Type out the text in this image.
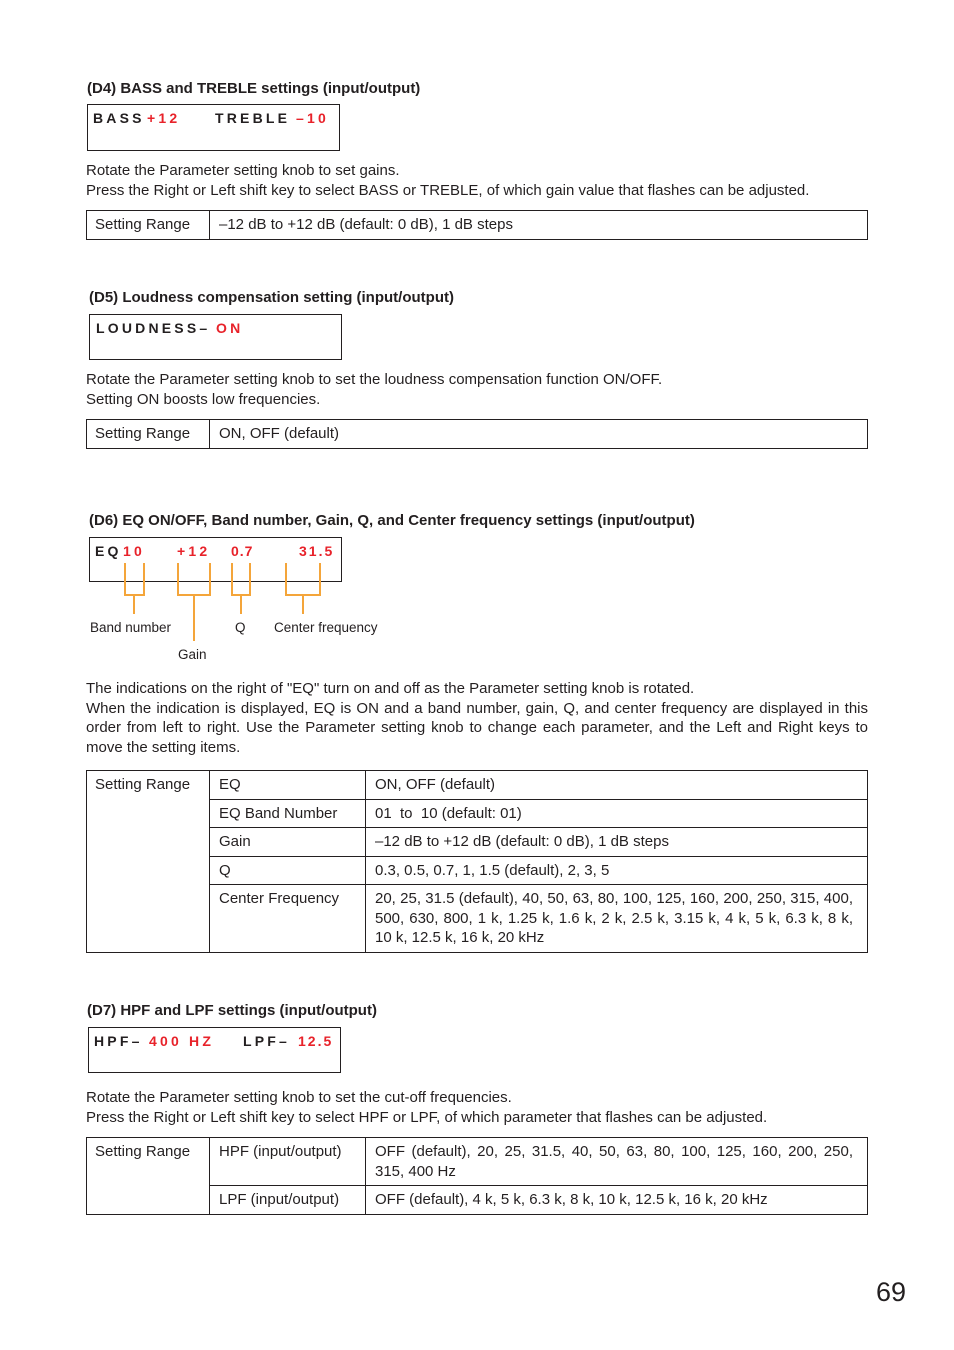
(D4) BASS and TREBLE settings (input/output)
BASS +12 TREBLE –10

Rotate the Parameter setting knob to set gains.

Press the Right or Left shift key to select BASS or TREBLE, of which gain value that flashes can be adjusted.

Setting Range	–12 dB to +12 dB (default: 0 dB), 1 dB steps
(D5) Loudness compensation setting (input/output)
LOUDNESS– ON

Rotate the Parameter setting knob to set the loudness compensation function ON/OFF.

Setting ON boosts low frequencies.

Setting Range	ON, OFF (default)
(D6) EQ ON/OFF, Band number, Gain, Q, and Center frequency settings (input/output)
EQ 10 +12 0.7	31.5
Band number	Q Center frequency
Gain

The indications on the right of "EQ" turn on and off as the Parameter setting knob is rotated.

When the indication is displayed, EQ is ON and a band number, gain, Q, and center frequency are displayed in this order from left to right. Use the Parameter setting knob to change each parameter, and the Left and Right keys to move the setting items.

Setting Range	EQ	ON, OFF (default)
	EQ Band Number	01  to  10 (default: 01)
	Gain	–12 dB to +12 dB (default: 0 dB), 1 dB steps
	Q	0.3, 0.5, 0.7, 1, 1.5 (default), 2, 3, 5
	Center Frequency	20, 25, 31.5 (default), 40, 50, 63, 80, 100, 125, 160, 200, 250, 315, 400, 500, 630, 800, 1 k, 1.25 k, 1.6 k, 2 k, 2.5 k, 3.15 k, 4 k, 5 k, 6.3 k, 8 k, 10 k, 12.5 k, 16 k, 20 kHz
(D7) HPF and LPF settings (input/output)
HPF– 400 HZ LPF– 12.5

Rotate the Parameter setting knob to set the cut-off frequencies.

Press the Right or Left shift key to select HPF or LPF, of which parameter that flashes can be adjusted.

Setting Range	HPF (input/output)	OFF (default), 20, 25, 31.5, 40, 50, 63, 80, 100, 125, 160, 200, 250, 315, 400 Hz
	LPF (input/output)	OFF (default), 4 k, 5 k, 6.3 k, 8 k, 10 k, 12.5 k, 16 k, 20 kHz
69
